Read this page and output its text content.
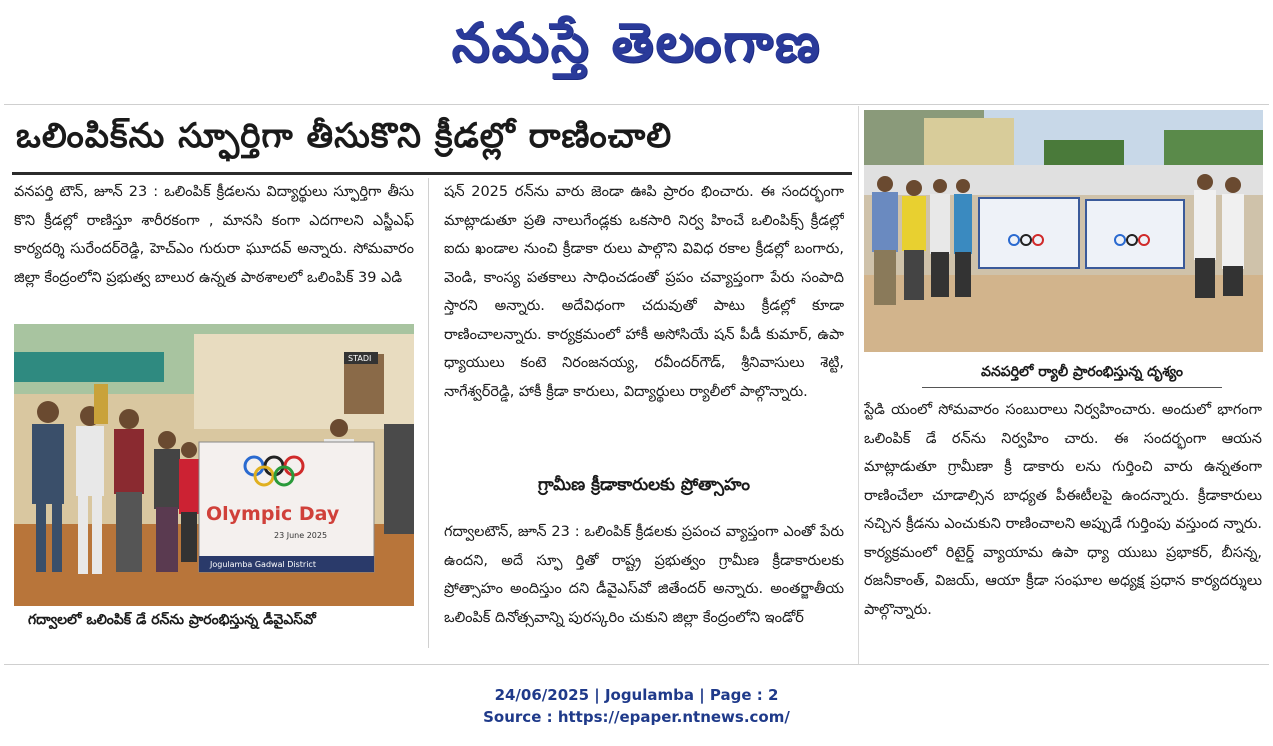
నమస్తే తెలంగాణ
ఒలింపిక్‌ను స్ఫూర్తిగా తీసుకొని క్రీడల్లో రాణించాలి

వనపర్తి టౌన్, జూన్ 23 : ఒలింపిక్ క్రీడలను విద్యార్థులు స్ఫూర్తిగా తీసు కొని క్రీడల్లో రాణిస్తూ శారీరకంగా , మానసి కంగా ఎదగాలని ఎస్జీఎఫ్ కార్యదర్శి సురేందర్‌రెడ్డి, హెచ్‌ఎం గురురా ఘూదవ్ అన్నారు. సోమవారం జిల్లా కేంద్రంలోని ప్రభుత్వ బాలుర ఉన్నత పాఠశాలలో ఒలింపిక్ 39 ఎడి

షన్ 2025 రన్‌ను వారు జెండా ఊపి ప్రారం భించారు. ఈ సందర్భంగా మాట్లాడుతూ ప్రతి నాలుగేండ్లకు ఒకసారి నిర్వ హించే ఒలింపిక్స్ క్రీడల్లో ఐదు ఖండాల నుంచి క్రీడాకా రులు పాల్గొని వివిధ రకాల క్రీడల్లో బంగారు, వెండి, కాంస్య పతకాలు సాధించడంతో ప్రపం చవ్యాప్తంగా పేరు సంపాది స్తారని అన్నారు. అదేవిధంగా చదువుతో పాటు క్రీడల్లో కూడా రాణించాలన్నారు. కార్యక్రమంలో హాకీ అసోసియే షన్ పీడీ కుమార్, ఉపా ధ్యాయులు కంటె నిరంజనయ్య, రవీందర్‌గౌడ్, శ్రీనివాసులు శెట్టి, నాగేశ్వర్‌రెడ్డి, హాకీ క్రీడా కారులు, విద్యార్థులు ర్యాలీలో పాల్గొన్నారు.

గ్రామీణ క్రీడాకారులకు ప్రోత్సాహం

గద్వాలటౌన్, జూన్ 23 : ఒలింపిక్ క్రీడలకు ప్రపంచ వ్యాప్తంగా ఎంతో పేరు ఉందని, అదే స్ఫూ ర్తితో రాష్ట్ర ప్రభుత్వం గ్రామీణ క్రీడాకారులకు ప్రోత్సాహం అందిస్తుం దని డీవైఎస్‌వో జితేందర్ అన్నారు. అంతర్జాతీయ ఒలింపిక్ దినోత్సవాన్ని పురస్కరిం చుకుని జిల్లా కేంద్రంలోని ఇండోర్

STADI
Olympic Day
23 June 2025
Jogulamba Gadwal District
గద్వాలలో ఒలింపిక్ డే రన్‌ను ప్రారంభిస్తున్న డీవైఎస్‌వో
వనపర్తిలో ర్యాలీ ప్రారంభిస్తున్న దృశ్యం

స్టేడి యంలో సోమవారం సంబురాలు నిర్వహించారు. అందులో భాగంగా ఒలింపిక్ డే రన్‌ను నిర్వహిం చారు. ఈ సందర్భంగా ఆయన మాట్లాడుతూ గ్రామీణా క్రీ డాకారు లను గుర్తించి వారు ఉన్నతంగా రాణించేలా చూడాల్సిన బాధ్యత పీఈటీలపై ఉందన్నారు. క్రీడాకారులు నచ్చిన క్రీడను ఎంచుకుని రాణించాలని అప్పుడే గుర్తింపు వస్తుంద న్నారు. కార్యక్రమంలో రిటైర్డ్ వ్యాయామ ఉపా ధ్యా యుబు ప్రభాకర్, బీసన్న, రజనీకాంత్, విజయ్, ఆయా క్రీడా సంఘాల అధ్యక్ష ప్రధాన కార్యదర్శులు పాల్గొన్నారు.

24/06/2025 | Jogulamba | Page : 2
Source : https://epaper.ntnews.com/
